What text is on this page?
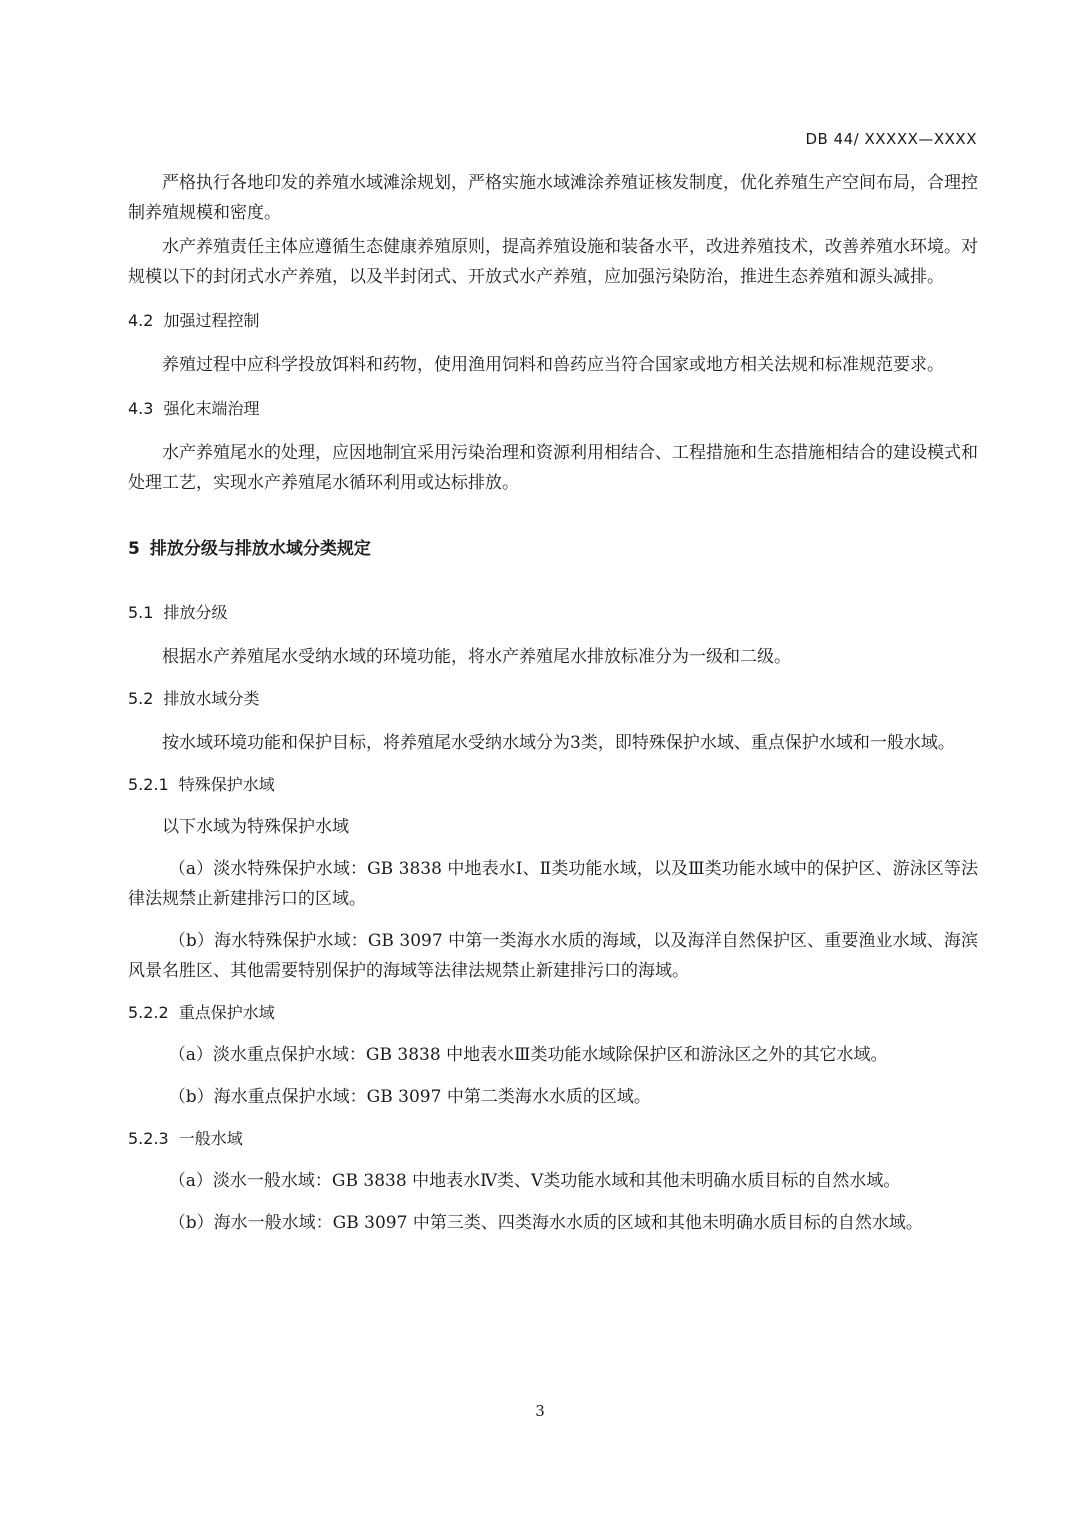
DB 44/ XXXXX—XXXX

严格执行各地印发的养殖水域滩涂规划，严格实施水域滩涂养殖证核发制度，优化养殖生产空间布局，合理控制养殖规模和密度。

水产养殖责任主体应遵循生态健康养殖原则，提高养殖设施和装备水平，改进养殖技术，改善养殖水环境。对规模以下的封闭式水产养殖，以及半封闭式、开放式水产养殖，应加强污染防治，推进生态养殖和源头减排。

4.2 加强过程控制

养殖过程中应科学投放饵料和药物，使用渔用饲料和兽药应当符合国家或地方相关法规和标准规范要求。

4.3 强化末端治理

水产养殖尾水的处理，应因地制宜采用污染治理和资源利用相结合、工程措施和生态措施相结合的建设模式和处理工艺，实现水产养殖尾水循环利用或达标排放。

5 排放分级与排放水域分类规定
5.1 排放分级

根据水产养殖尾水受纳水域的环境功能，将水产养殖尾水排放标准分为一级和二级。

5.2 排放水域分类

按水域环境功能和保护目标，将养殖尾水受纳水域分为3类，即特殊保护水域、重点保护水域和一般水域。

5.2.1 特殊保护水域

以下水域为特殊保护水域

（a）淡水特殊保护水域：GB 3838 中地表水Ⅰ、Ⅱ类功能水域，以及Ⅲ类功能水域中的保护区、游泳区等法律法规禁止新建排污口的区域。

（b）海水特殊保护水域：GB 3097 中第一类海水水质的海域，以及海洋自然保护区、重要渔业水域、海滨风景名胜区、其他需要特别保护的海域等法律法规禁止新建排污口的海域。

5.2.2 重点保护水域

（a）淡水重点保护水域：GB 3838 中地表水Ⅲ类功能水域除保护区和游泳区之外的其它水域。

（b）海水重点保护水域：GB 3097 中第二类海水水质的区域。

5.2.3 一般水域

（a）淡水一般水域：GB 3838 中地表水Ⅳ类、Ⅴ类功能水域和其他未明确水质目标的自然水域。

（b）海水一般水域：GB 3097 中第三类、四类海水水质的区域和其他未明确水质目标的自然水域。

3
